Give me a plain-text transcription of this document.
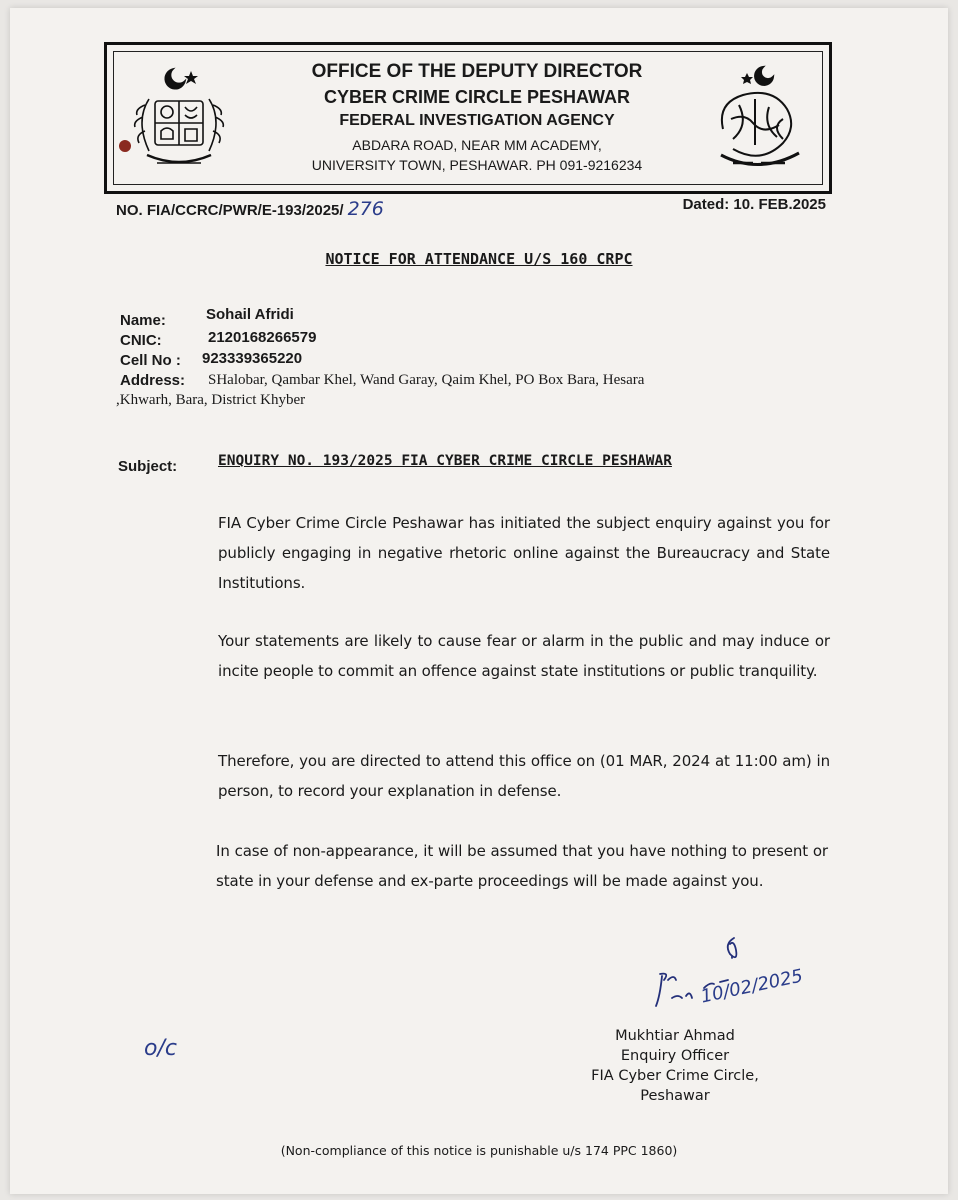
OFFICE OF THE DEPUTY DIRECTOR
CYBER CRIME CIRCLE PESHAWAR
FEDERAL INVESTIGATION AGENCY
ABDARA ROAD, NEAR MM ACADEMY,
UNIVERSITY TOWN, PESHAWAR. PH 091-9216234
NO. FIA/CCRC/PWR/E-193/2025/ 276	Dated: 10. FEB.2025
NOTICE FOR ATTENDANCE U/S 160 CRPC
Name:	Sohail Afridi
CNIC:	2120168266579
Cell No : 923339365220
Address: SHalobar, Qambar Khel, Wand Garay, Qaim Khel, PO Box Bara, Hesara
,Khwarh, Bara, District Khyber
Subject:	ENQUIRY NO. 193/2025 FIA CYBER CRIME CIRCLE PESHAWAR
FIA Cyber Crime Circle Peshawar has initiated the subject enquiry against you for publicly engaging in negative rhetoric online against the Bureaucracy and State Institutions.
Your statements are likely to cause fear or alarm in the public and may induce or incite people to commit an offence against state institutions or public tranquility.
Therefore, you are directed to attend this office on (01 MAR, 2024 at 11:00 am) in person, to record your explanation in defense.
In case of non-appearance, it will be assumed that you have nothing to present or state in your defense and ex-parte proceedings will be made against you.
10/02/2025
Mukhtiar Ahmad
Enquiry Officer
FIA Cyber Crime Circle,
Peshawar
o/c
(Non-compliance of this notice is punishable u/s 174 PPC 1860)
